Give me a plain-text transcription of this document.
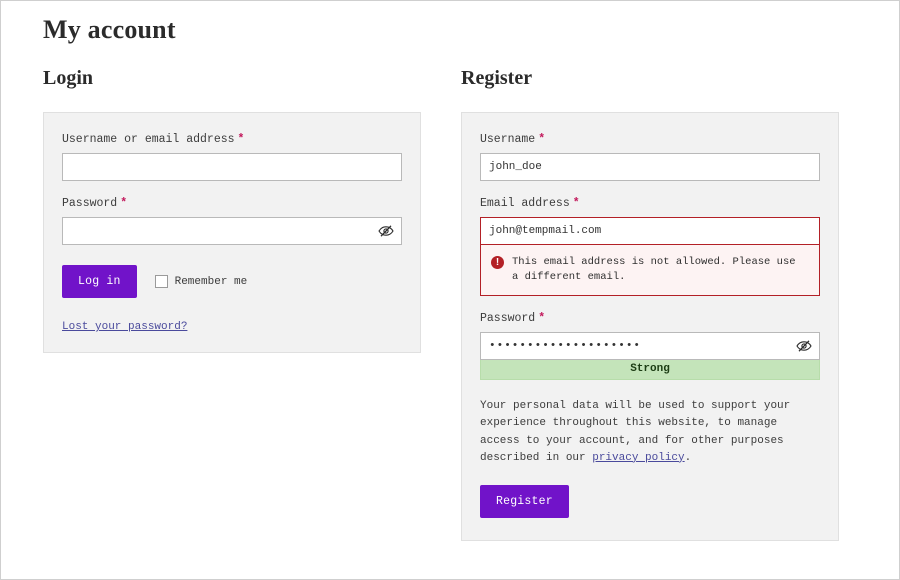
My account
Login
Username or email address *
Password *
Log in	Remember me
Lost your password?
Register
Username *
john_doe
Email address *
john@tempmail.com
!	This email address is not allowed. Please use a different email.
Password *
••••••••••••••••••••
Strong

Your personal data will be used to support your experience throughout this website, to manage access to your account, and for other purposes described in our privacy policy.

Register
